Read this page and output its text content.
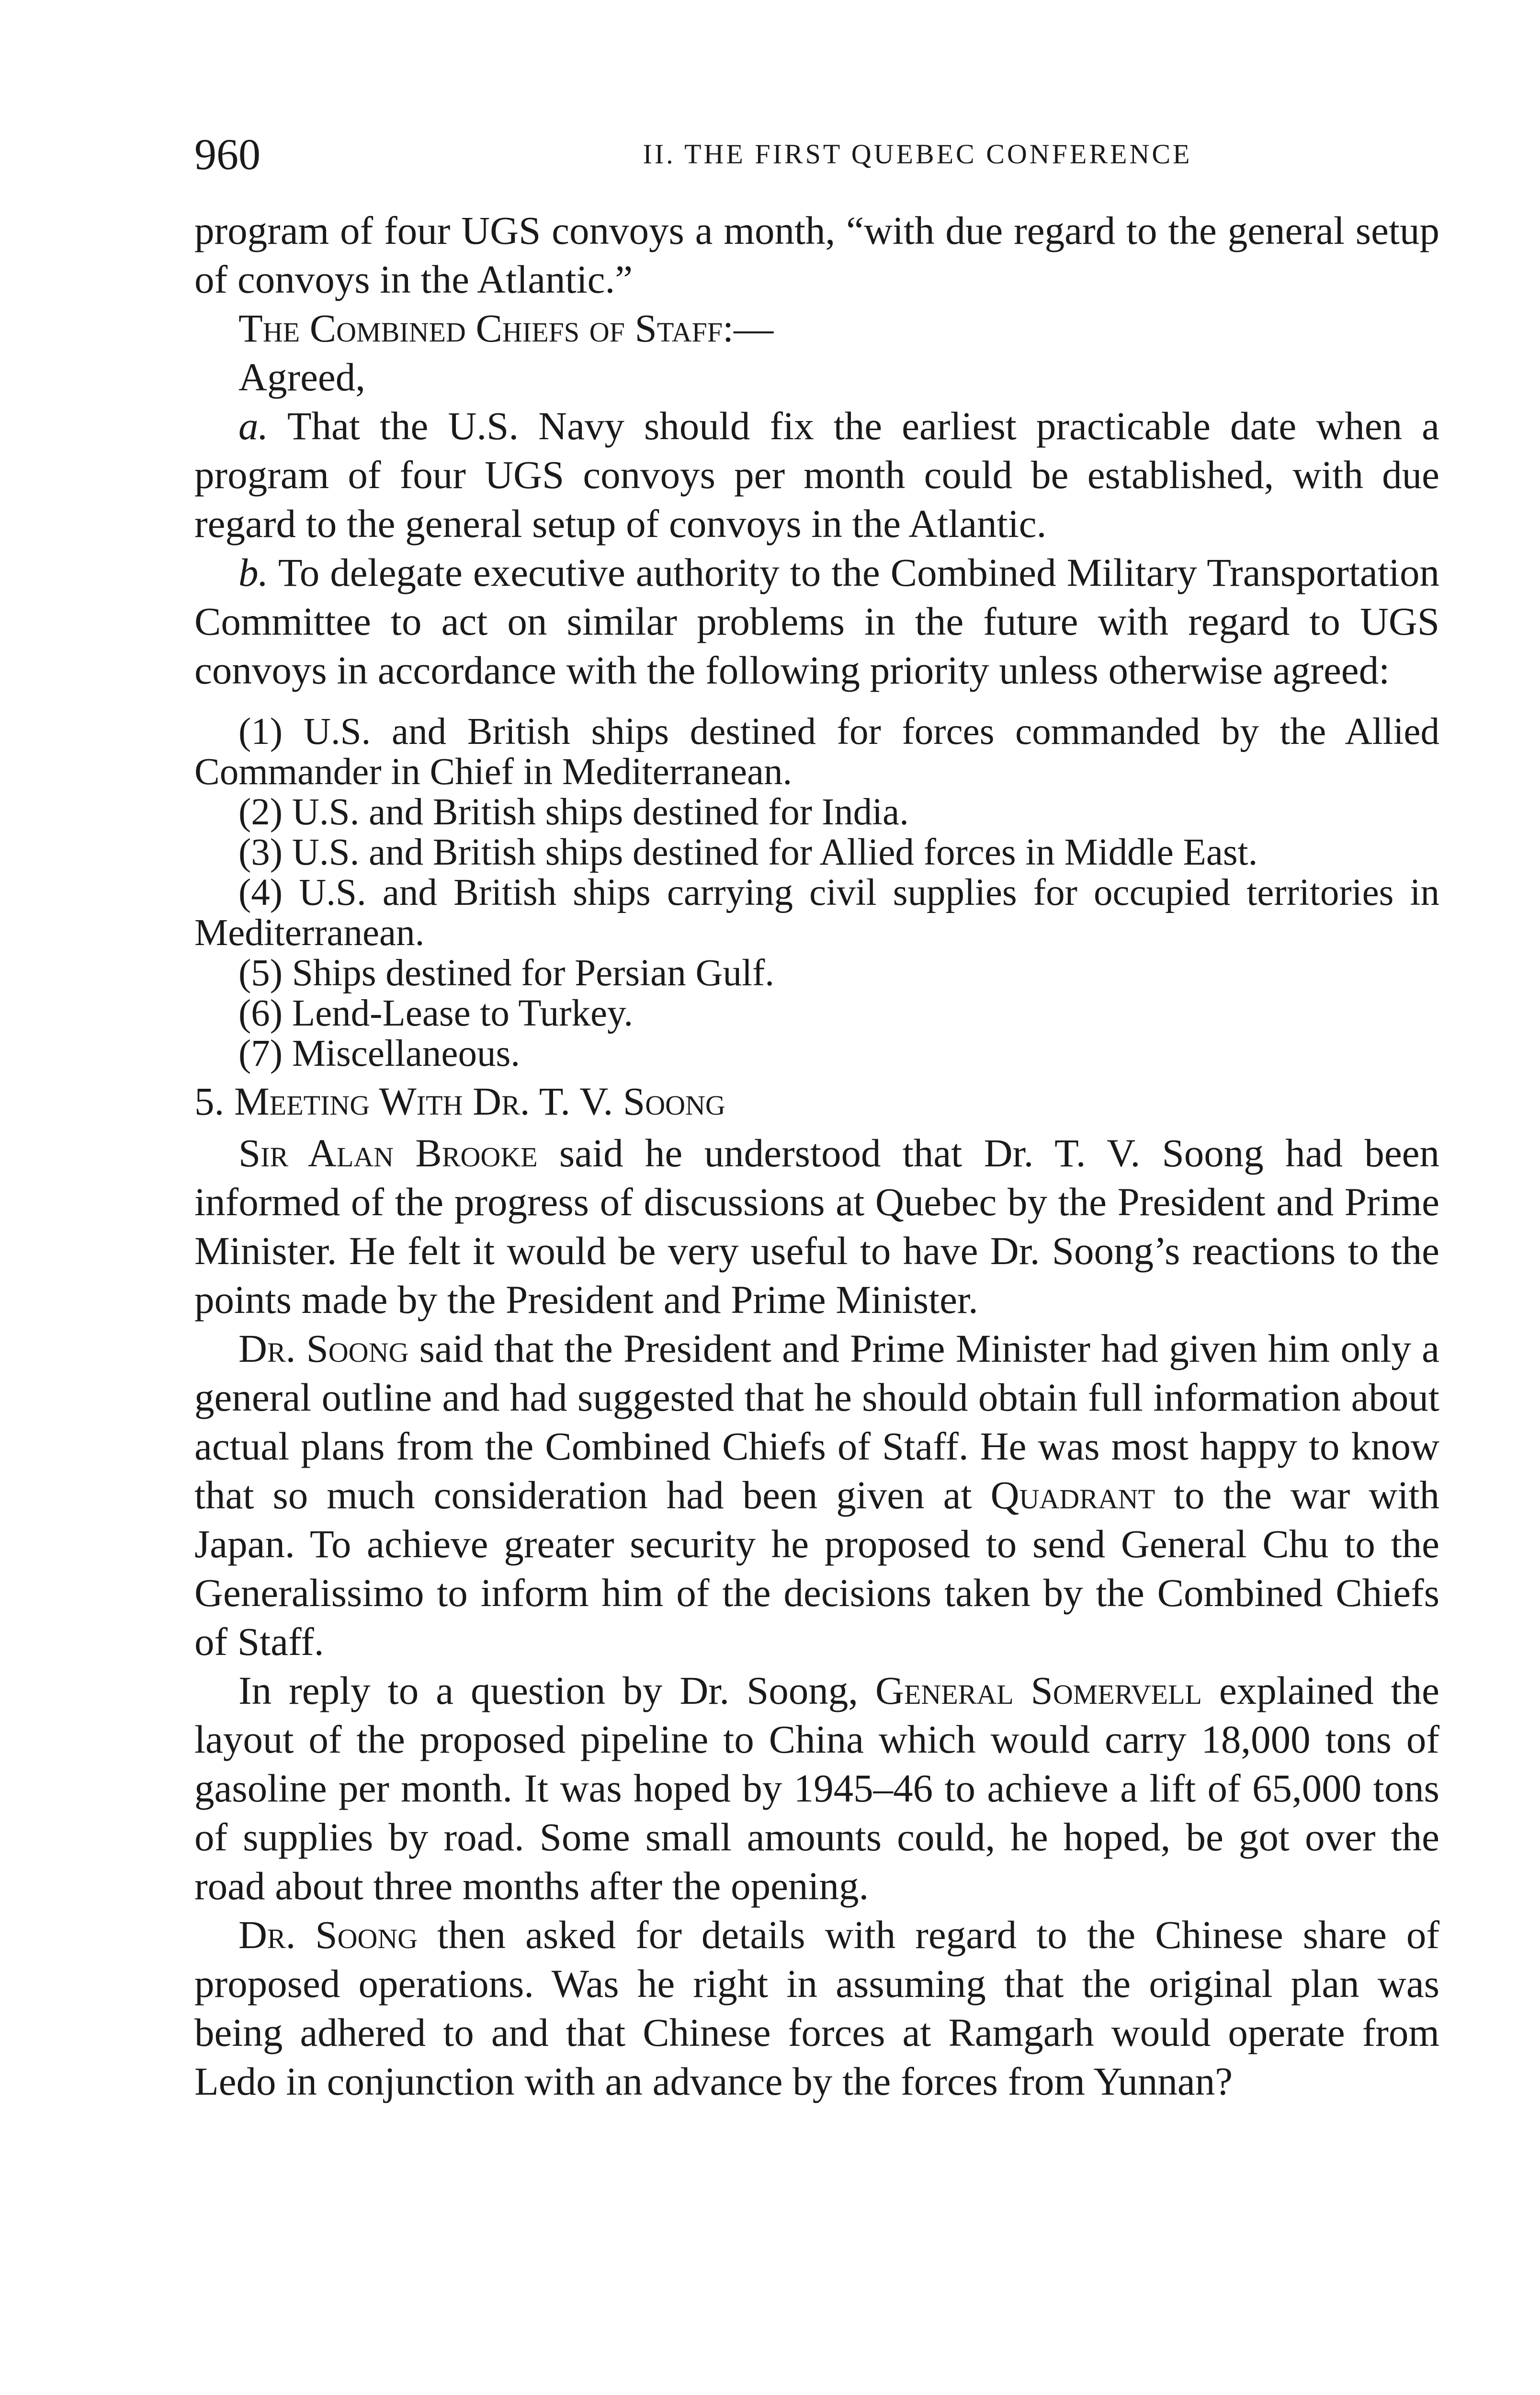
960	II. THE FIRST QUEBEC CONFERENCE

program of four UGS convoys a month, “with due regard to the general setup of convoys in the Atlantic.”

The Combined Chiefs of Staff:—

Agreed,

a. That the U.S. Navy should fix the earliest practicable date when a program of four UGS convoys per month could be established, with due regard to the general setup of convoys in the Atlantic.

b. To delegate executive authority to the Combined Military Transportation Committee to act on similar problems in the future with regard to UGS convoys in accordance with the following priority unless otherwise agreed:

(1) U.S. and British ships destined for forces commanded by the Allied Commander in Chief in Mediterranean.

(2) U.S. and British ships destined for India.

(3) U.S. and British ships destined for Allied forces in Middle East.

(4) U.S. and British ships carrying civil supplies for occupied territories in Mediterranean.

(5) Ships destined for Persian Gulf.

(6) Lend-Lease to Turkey.

(7) Miscellaneous.

5. Meeting With Dr. T. V. Soong

Sir Alan Brooke said he understood that Dr. T. V. Soong had been informed of the progress of discussions at Quebec by the President and Prime Minister. He felt it would be very useful to have Dr. Soong’s reactions to the points made by the President and Prime Minister.

Dr. Soong said that the President and Prime Minister had given him only a general outline and had suggested that he should obtain full information about actual plans from the Combined Chiefs of Staff. He was most happy to know that so much consideration had been given at Quadrant to the war with Japan. To achieve greater security he proposed to send General Chu to the Generalissimo to inform him of the decisions taken by the Combined Chiefs of Staff.

In reply to a question by Dr. Soong, General Somervell explained the layout of the proposed pipeline to China which would carry 18,000 tons of gasoline per month. It was hoped by 1945–46 to achieve a lift of 65,000 tons of supplies by road. Some small amounts could, he hoped, be got over the road about three months after the opening.

Dr. Soong then asked for details with regard to the Chinese share of proposed operations. Was he right in assuming that the original plan was being adhered to and that Chinese forces at Ramgarh would operate from Ledo in conjunction with an advance by the forces from Yunnan?
